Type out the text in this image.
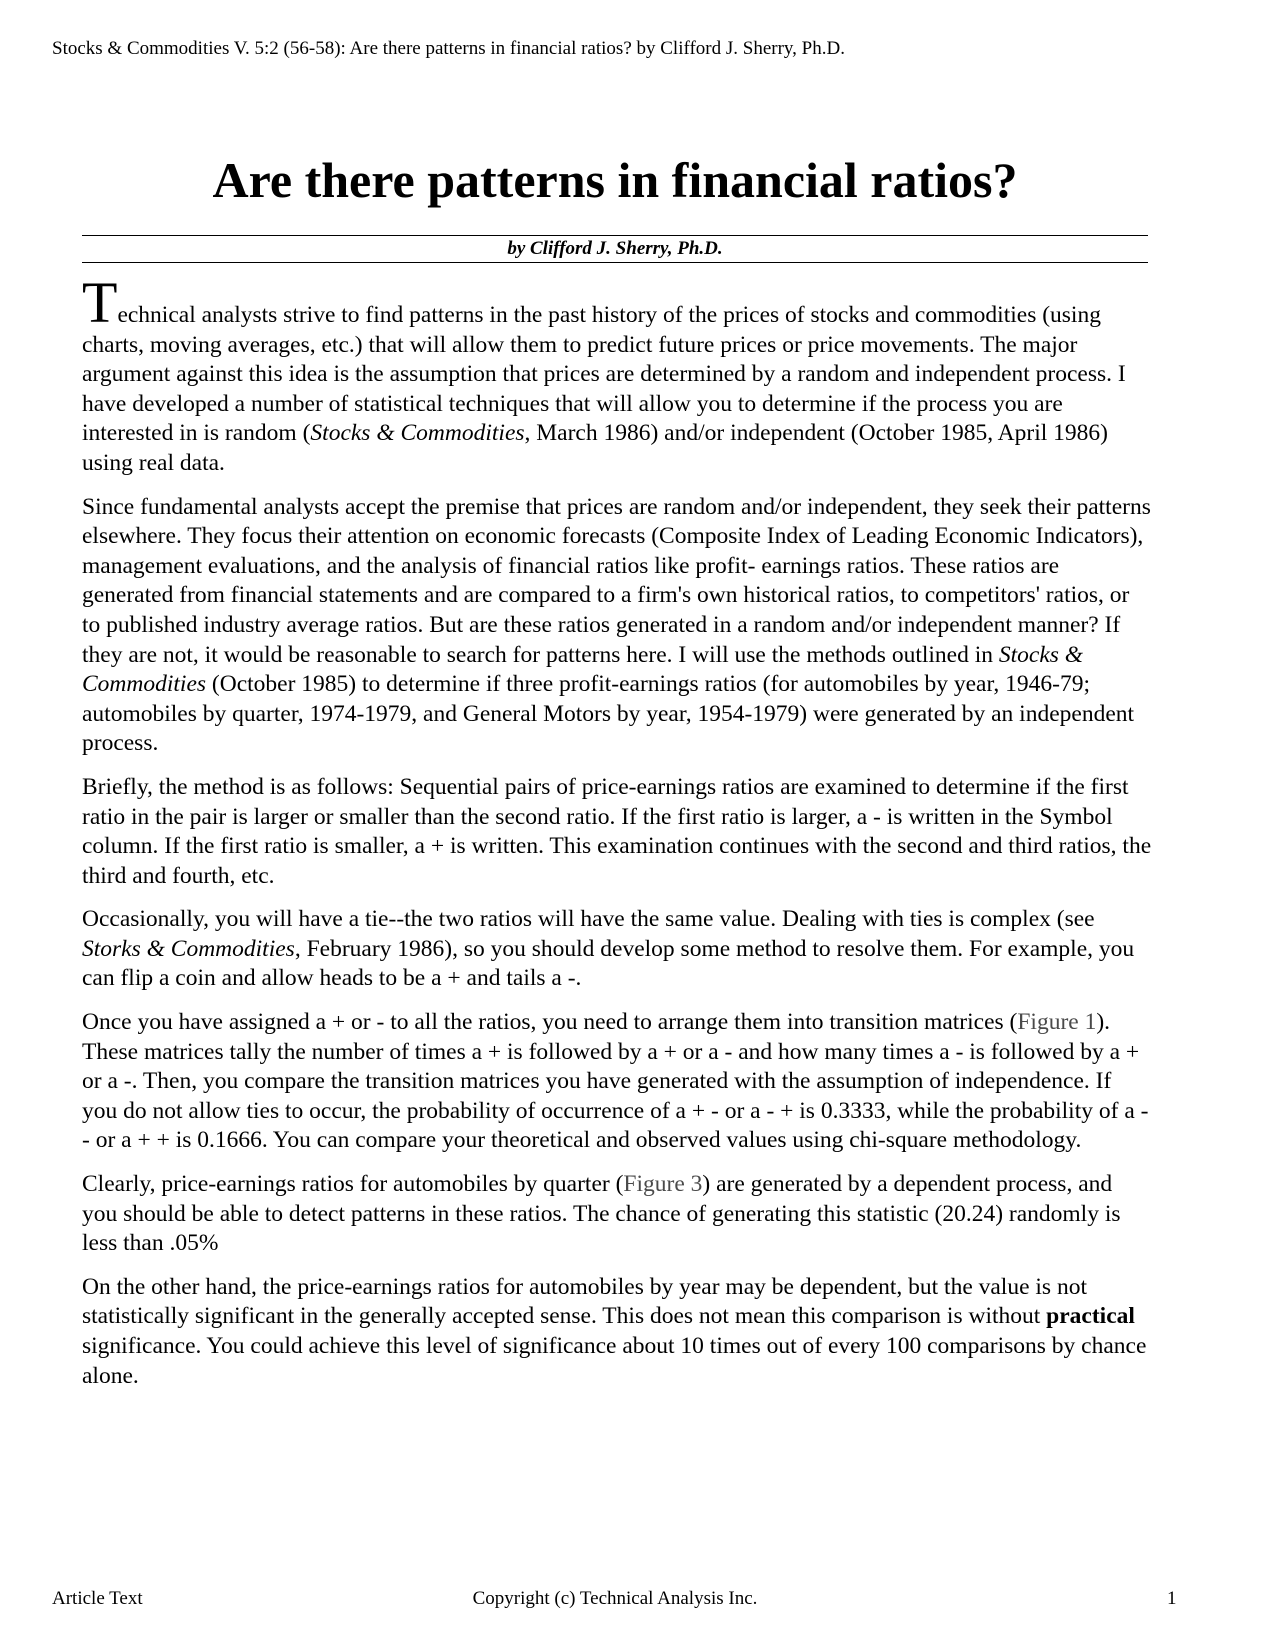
Stocks & Commodities V. 5:2 (56-58): Are there patterns in financial ratios? by Clifford J. Sherry, Ph.D.
Are there patterns in financial ratios?
by Clifford J. Sherry, Ph.D.

Technical analysts strive to find patterns in the past history of the prices of stocks and commodities (using charts, moving averages, etc.) that will allow them to predict future prices or price movements. The major argument against this idea is the assumption that prices are determined by a random and independent process. I have developed a number of statistical techniques that will allow you to determine if the process you are interested in is random (Stocks & Commodities, March 1986) and/or independent (October 1985, April 1986) using real data.

Since fundamental analysts accept the premise that prices are random and/or independent, they seek their patterns elsewhere. They focus their attention on economic forecasts (Composite Index of Leading Economic Indicators), management evaluations, and the analysis of financial ratios like profit- earnings ratios. These ratios are generated from financial statements and are compared to a firm's own historical ratios, to competitors' ratios, or to published industry average ratios. But are these ratios generated in a random and/or independent manner? If they are not, it would be reasonable to search for patterns here. I will use the methods outlined in Stocks & Commodities (October 1985) to determine if three profit-earnings ratios (for automobiles by year, 1946-79; automobiles by quarter, 1974-1979, and General Motors by year, 1954-1979) were generated by an independent process.

Briefly, the method is as follows: Sequential pairs of price-earnings ratios are examined to determine if the first ratio in the pair is larger or smaller than the second ratio. If the first ratio is larger, a - is written in the Symbol column. If the first ratio is smaller, a + is written. This examination continues with the second and third ratios, the third and fourth, etc.

Occasionally, you will have a tie--the two ratios will have the same value. Dealing with ties is complex (see Storks & Commodities, February 1986), so you should develop some method to resolve them. For example, you can flip a coin and allow heads to be a + and tails a -.

Once you have assigned a + or - to all the ratios, you need to arrange them into transition matrices (Figure 1). These matrices tally the number of times a + is followed by a + or a - and how many times a - is followed by a + or a -. Then, you compare the transition matrices you have generated with the assumption of independence. If you do not allow ties to occur, the probability of occurrence of a + - or a - + is 0.3333, while the probability of a - - or a + + is 0.1666. You can compare your theoretical and observed values using chi-square methodology.

Clearly, price-earnings ratios for automobiles by quarter (Figure 3) are generated by a dependent process, and you should be able to detect patterns in these ratios. The chance of generating this statistic (20.24) randomly is less than .05%

On the other hand, the price-earnings ratios for automobiles by year may be dependent, but the value is not statistically significant in the generally accepted sense. This does not mean this comparison is without practical significance. You could achieve this level of significance about 10 times out of every 100 comparisons by chance alone.

Article Text	Copyright (c) Technical Analysis Inc.	1
